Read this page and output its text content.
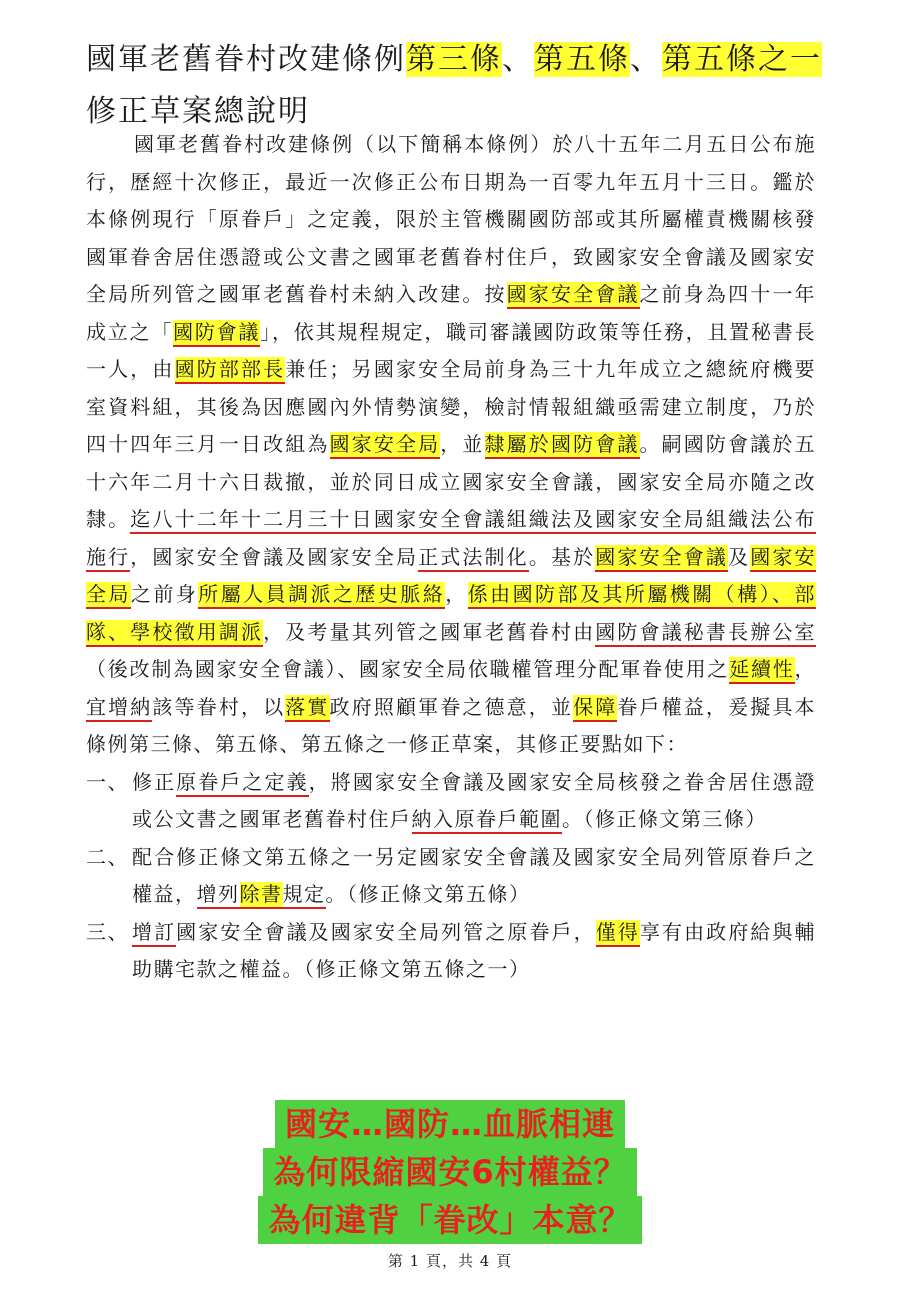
國軍老舊眷村改建條例第三條、第五條、第五條之一修正草案總說明

國軍老舊眷村改建條例（以下簡稱本條例）於八十五年二月五日公布施行，歷經十次修正，最近一次修正公布日期為一百零九年五月十三日。鑑於本條例現行「原眷戶」之定義，限於主管機關國防部或其所屬權責機關核發國軍眷舍居住憑證或公文書之國軍老舊眷村住戶，致國家安全會議及國家安全局所列管之國軍老舊眷村未納入改建。按國家安全會議之前身為四十一年成立之「國防會議」，依其規程規定，職司審議國防政策等任務，且置秘書長一人，由國防部部長兼任；另國家安全局前身為三十九年成立之總統府機要室資料組，其後為因應國內外情勢演變，檢討情報組織亟需建立制度，乃於四十四年三月一日改組為國家安全局，並隸屬於國防會議。嗣國防會議於五十六年二月十六日裁撤，並於同日成立國家安全會議，國家安全局亦隨之改隸。迄八十二年十二月三十日國家安全會議組織法及國家安全局組織法公布施行，國家安全會議及國家安全局正式法制化。基於國家安全會議及國家安全局之前身所屬人員調派之歷史脈絡，係由國防部及其所屬機關（構）、部隊、學校徵用調派，及考量其列管之國軍老舊眷村由國防會議秘書長辦公室（後改制為國家安全會議）、國家安全局依職權管理分配軍眷使用之延續性，宜增納該等眷村，以落實政府照顧軍眷之德意，並保障眷戶權益，爰擬具本條例第三條、第五條、第五條之一修正草案，其修正要點如下：

一、 修正原眷戶之定義，將國家安全會議及國家安全局核發之眷舍居住憑證或公文書之國軍老舊眷村住戶納入原眷戶範圍。（修正條文第三條）
二、 配合修正條文第五條之一另定國家安全會議及國家安全局列管原眷戶之權益，增列除書規定。（修正條文第五條）
三、 增訂國家安全會議及國家安全局列管之原眷戶，僅得享有由政府給與輔助購宅款之權益。（修正條文第五條之一）
國安…國防…血脈相連
為何限縮國安6村權益？
為何違背「眷改」本意？
第 1 頁，共 4 頁
